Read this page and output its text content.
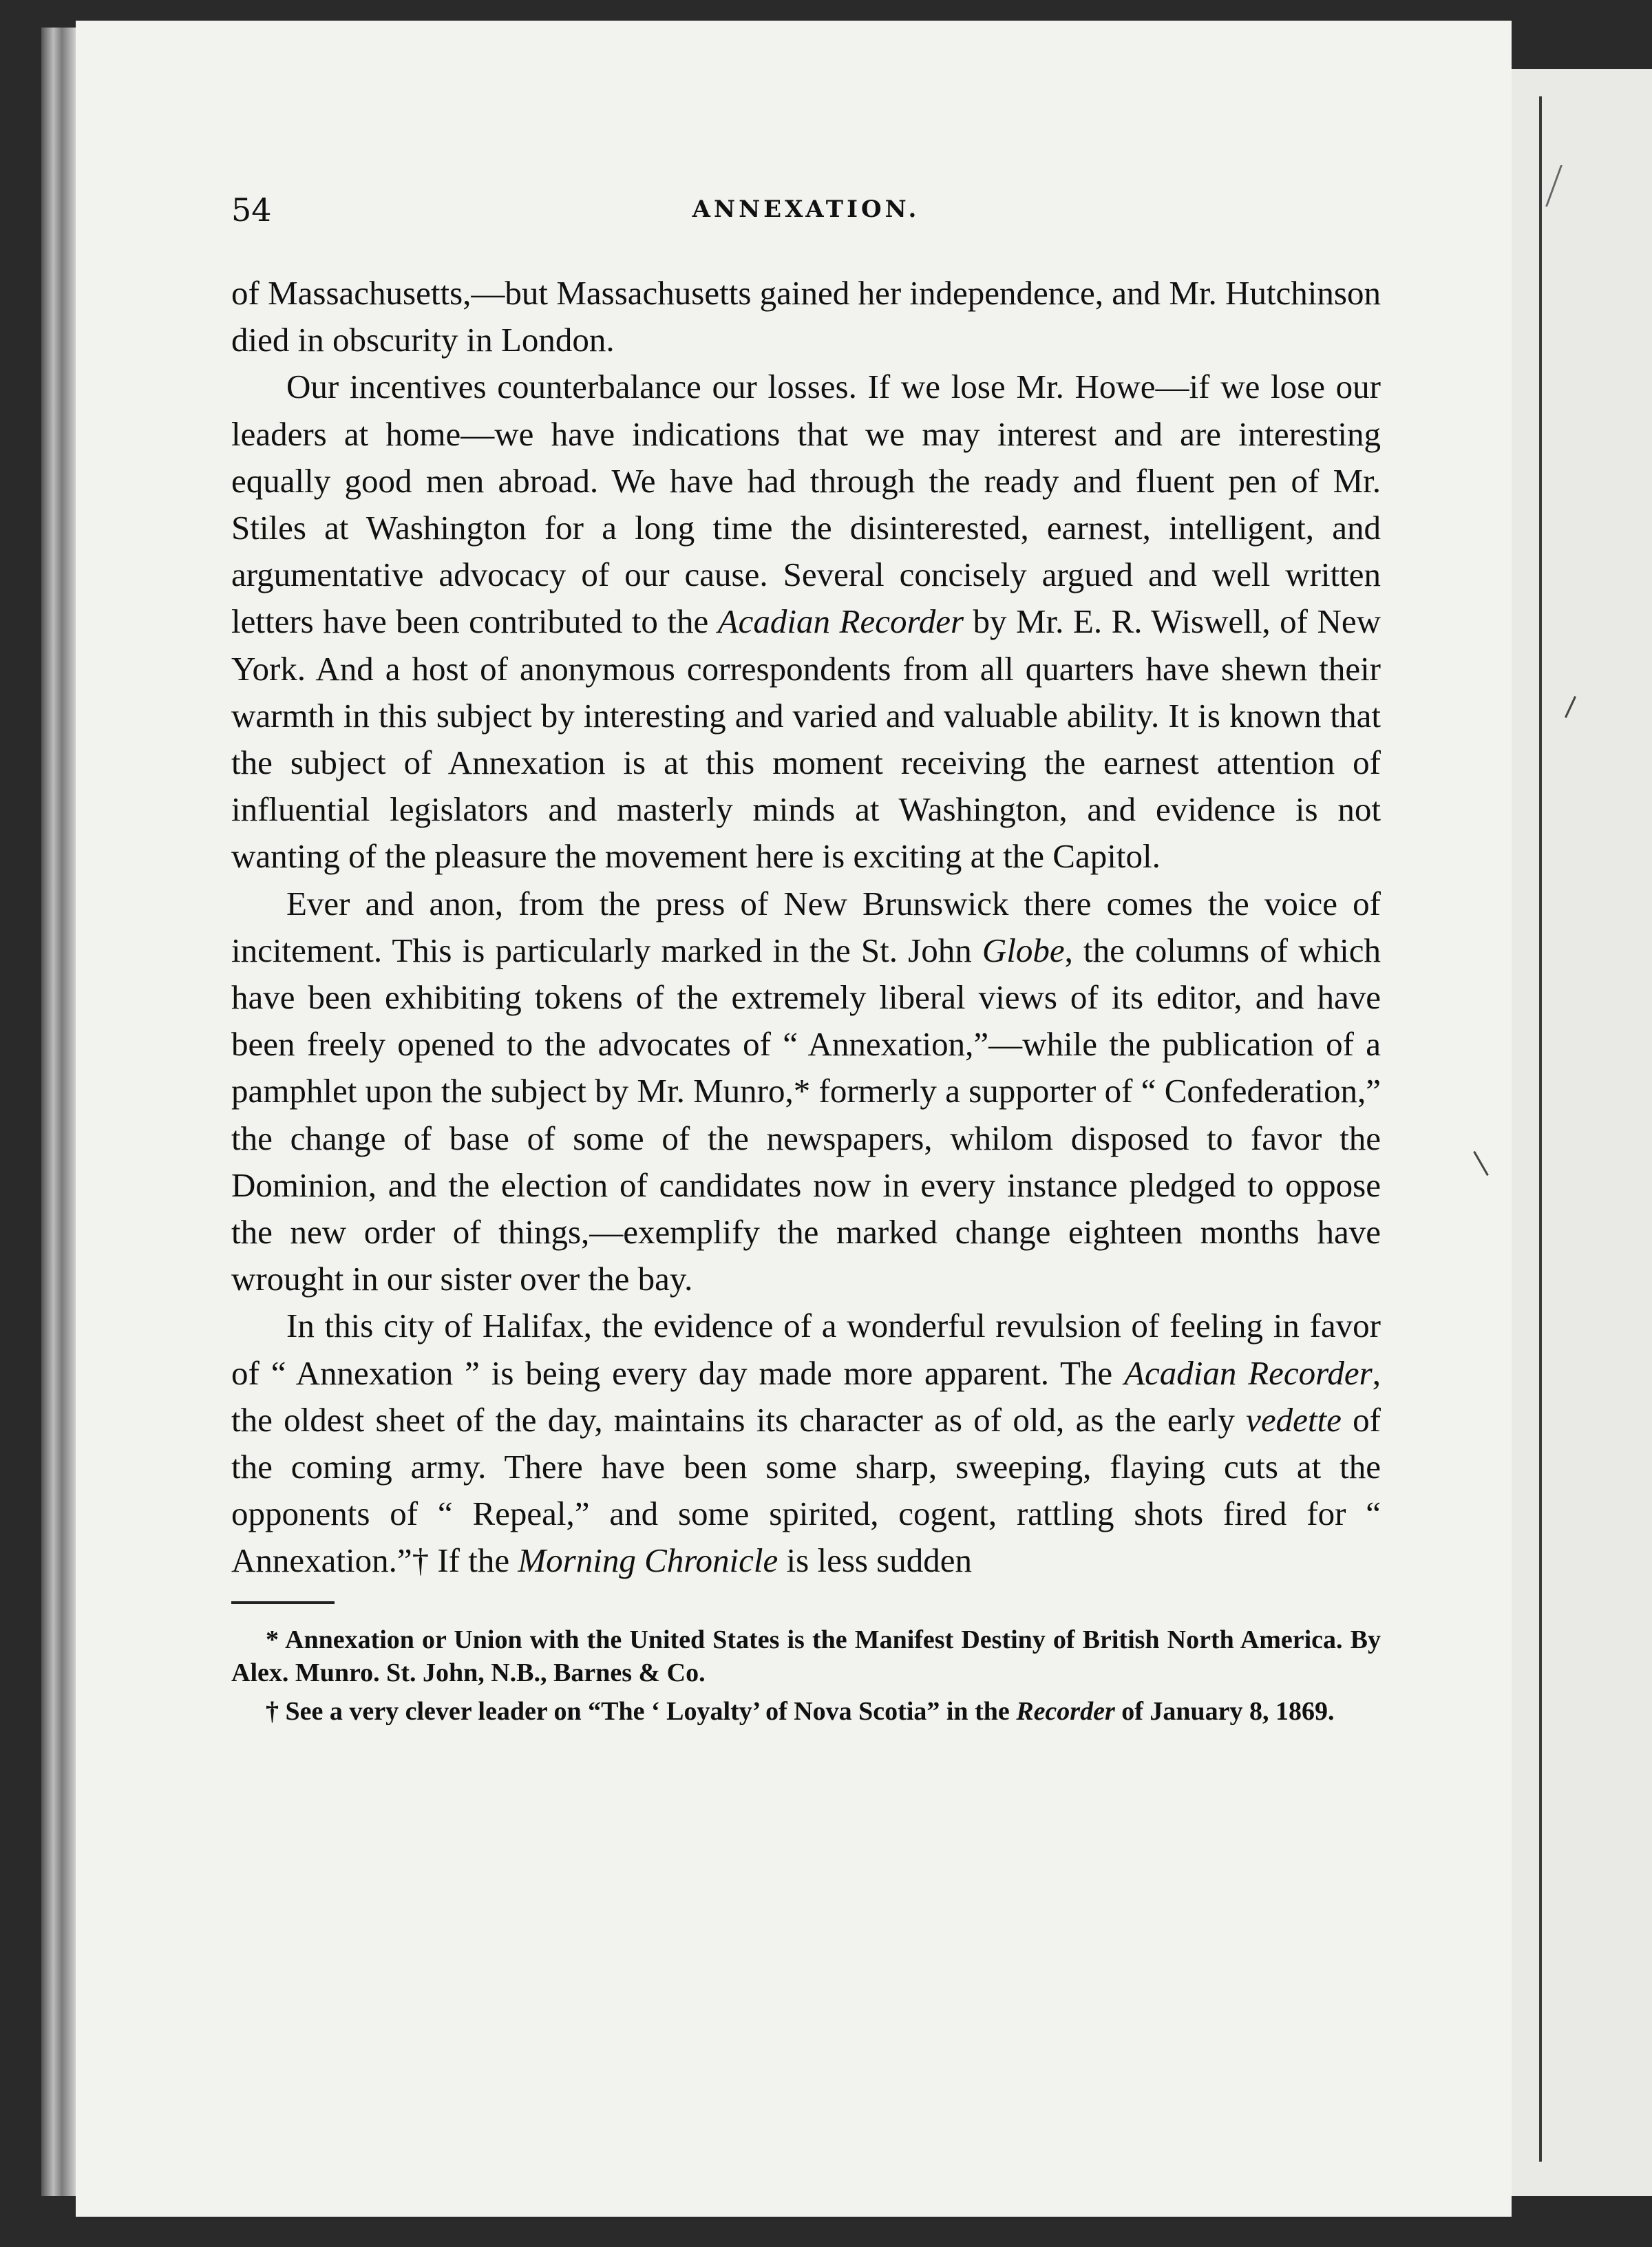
54	ANNEXATION.

of Massachusetts,—but Massachusetts gained her independence, and Mr. Hutchinson died in obscurity in London.

Our incentives counterbalance our losses. If we lose Mr. Howe—if we lose our leaders at home—we have indications that we may interest and are interesting equally good men abroad. We have had through the ready and fluent pen of Mr. Stiles at Washington for a long time the disinterested, earnest, intelligent, and argumentative advocacy of our cause. Several concisely argued and well written letters have been contributed to the Acadian Recorder by Mr. E. R. Wiswell, of New York. And a host of anonymous correspondents from all quarters have shewn their warmth in this subject by interesting and varied and valuable ability. It is known that the subject of Annexation is at this moment receiving the earnest attention of influential legislators and masterly minds at Washington, and evidence is not wanting of the pleasure the movement here is exciting at the Capitol.

Ever and anon, from the press of New Brunswick there comes the voice of incitement. This is particularly marked in the St. John Globe, the columns of which have been exhibiting tokens of the extremely liberal views of its editor, and have been freely opened to the advocates of “ Annexation,”—while the publication of a pamphlet upon the subject by Mr. Munro,* formerly a supporter of “ Confederation,” the change of base of some of the newspapers, whilom disposed to favor the Dominion, and the election of candidates now in every instance pledged to oppose the new order of things,—exemplify the marked change eighteen months have wrought in our sister over the bay.

In this city of Halifax, the evidence of a wonderful revulsion of feeling in favor of “ Annexation ” is being every day made more apparent. The Acadian Recorder, the oldest sheet of the day, maintains its character as of old, as the early vedette of the coming army. There have been some sharp, sweeping, flaying cuts at the opponents of “ Repeal,” and some spirited, cogent, rattling shots fired for “ Annexation.”† If the Morning Chronicle is less sudden

* Annexation or Union with the United States is the Manifest Destiny of British North America. By Alex. Munro. St. John, N.B., Barnes & Co.

† See a very clever leader on “The ‘ Loyalty’ of Nova Scotia” in the Recorder of January 8, 1869.
